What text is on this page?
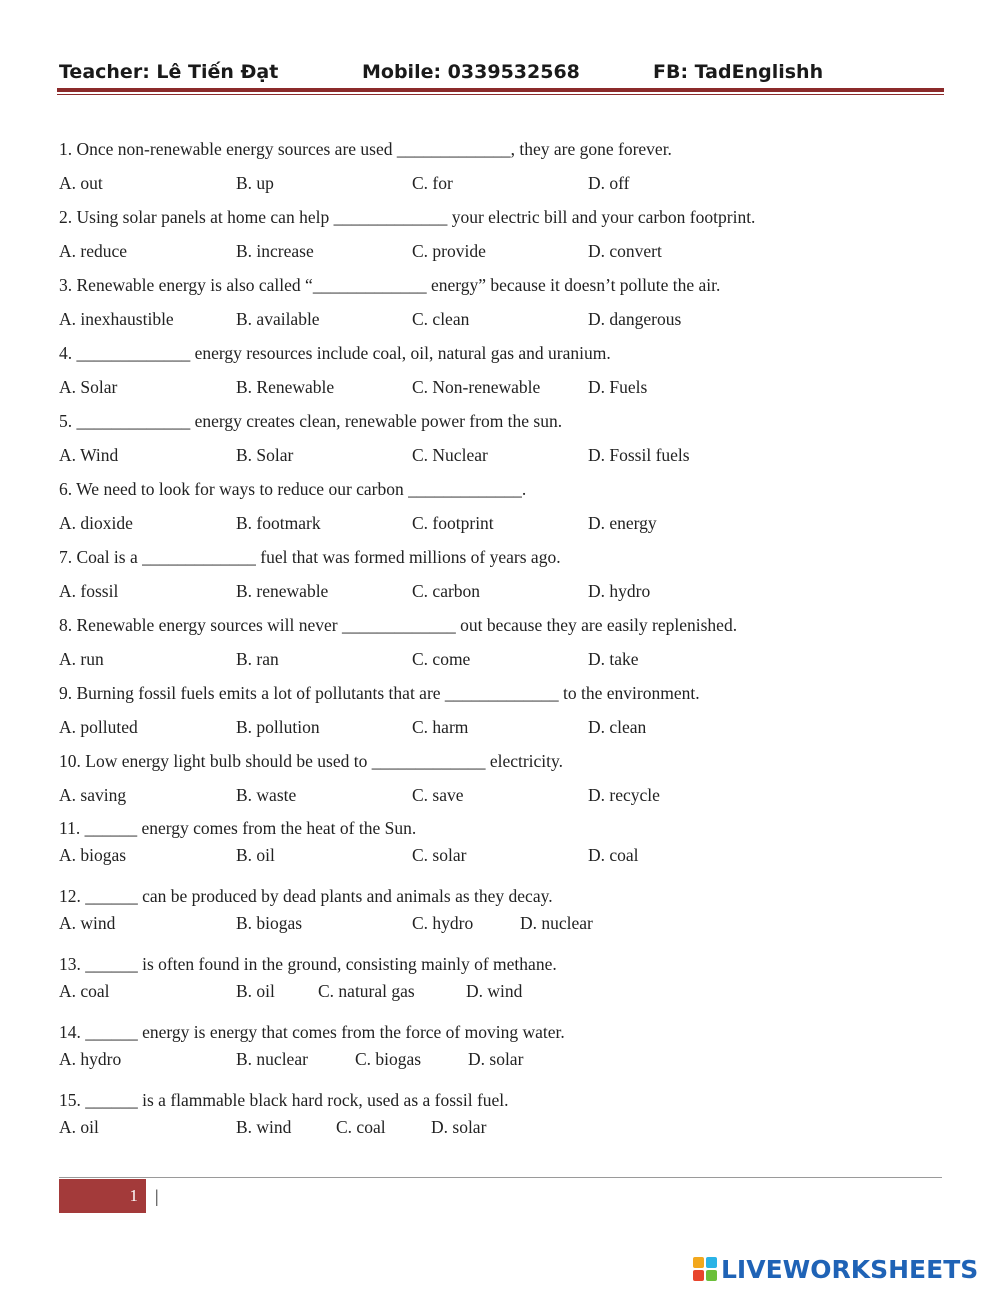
Teacher: Lê Tiến Đạt	Mobile: 0339532568	FB: TadEnglishh
1. Once non-renewable energy sources are used _____________, they are gone forever.
A. out	B. up	C. for	D. off
2. Using solar panels at home can help _____________ your electric bill and your carbon footprint.
A. reduce	B. increase	C. provide	D. convert
3. Renewable energy is also called “_____________ energy” because it doesn’t pollute the air.
A. inexhaustible	B. available	C. clean	D. dangerous
4. _____________ energy resources include coal, oil, natural gas and uranium.
A. Solar	B. Renewable	C. Non-renewable	D. Fuels
5. _____________ energy creates clean, renewable power from the sun.
A. Wind	B. Solar	C. Nuclear	D. Fossil fuels
6. We need to look for ways to reduce our carbon _____________.
A. dioxide	B. footmark	C. footprint	D. energy
7. Coal is a _____________ fuel that was formed millions of years ago.
A. fossil	B. renewable	C. carbon	D. hydro
8. Renewable energy sources will never _____________ out because they are easily replenished.
A. run	B. ran	C. come	D. take
9. Burning fossil fuels emits a lot of pollutants that are _____________ to the environment.
A. polluted	B. pollution	C. harm	D. clean
10. Low energy light bulb should be used to _____________ electricity.
A. saving	B. waste	C. save	D. recycle
11. ______ energy comes from the heat of the Sun.
A. biogas	B. oil	C. solar	D. coal
12. ______ can be produced by dead plants and animals as they decay.
A. wind	B. biogas	C. hydro	D. nuclear
13. ______ is often found in the ground, consisting mainly of methane.
A. coal	B. oil C. natural gas	D. wind
14. ______ energy is energy that comes from the force of moving water.
A. hydro	B. nuclear	C. biogas	D. solar
15. ______ is a flammable black hard rock, used as a fossil fuel.
A. oil	B. wind	C. coal	D. solar
1 |
LIVEWORKSHEETS
